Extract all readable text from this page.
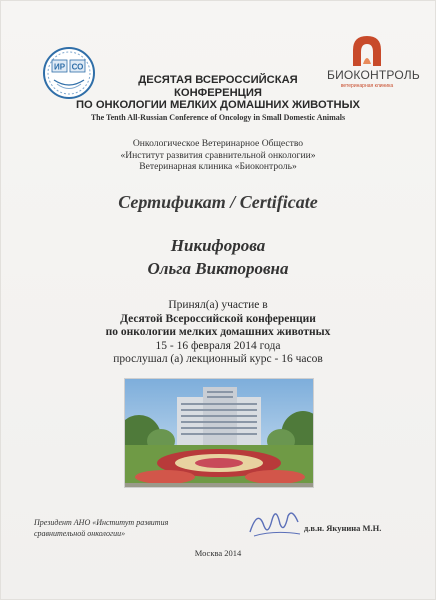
ИР СО
БИОКОНТРОЛЬ
ветеринарная клиника
ДЕСЯТАЯ ВСЕРОССИЙСКАЯ
КОНФЕРЕНЦИЯ
ПО ОНКОЛОГИИ МЕЛКИХ ДОМАШНИХ ЖИВОТНЫХ
The Tenth All-Russian Conference of Oncology in Small Domestic Animals
Онкологическое Ветеринарное Общество
«Институт развития сравнительной онкологии»
Ветеринарная клиника «Биоконтроль»
Сертификат / Certificate
Никифорова
Ольга Викторовна
Принял(а) участие в
Десятой Всероссийской конференции
по онкологии мелких домашних животных
15 - 16 февраля 2014 года
прослушал (а) лекционный курс - 16 часов
Президент АНО «Институт развития
сравнительной онкологии»
д.в.н. Якунина М.Н.
Москва 2014
